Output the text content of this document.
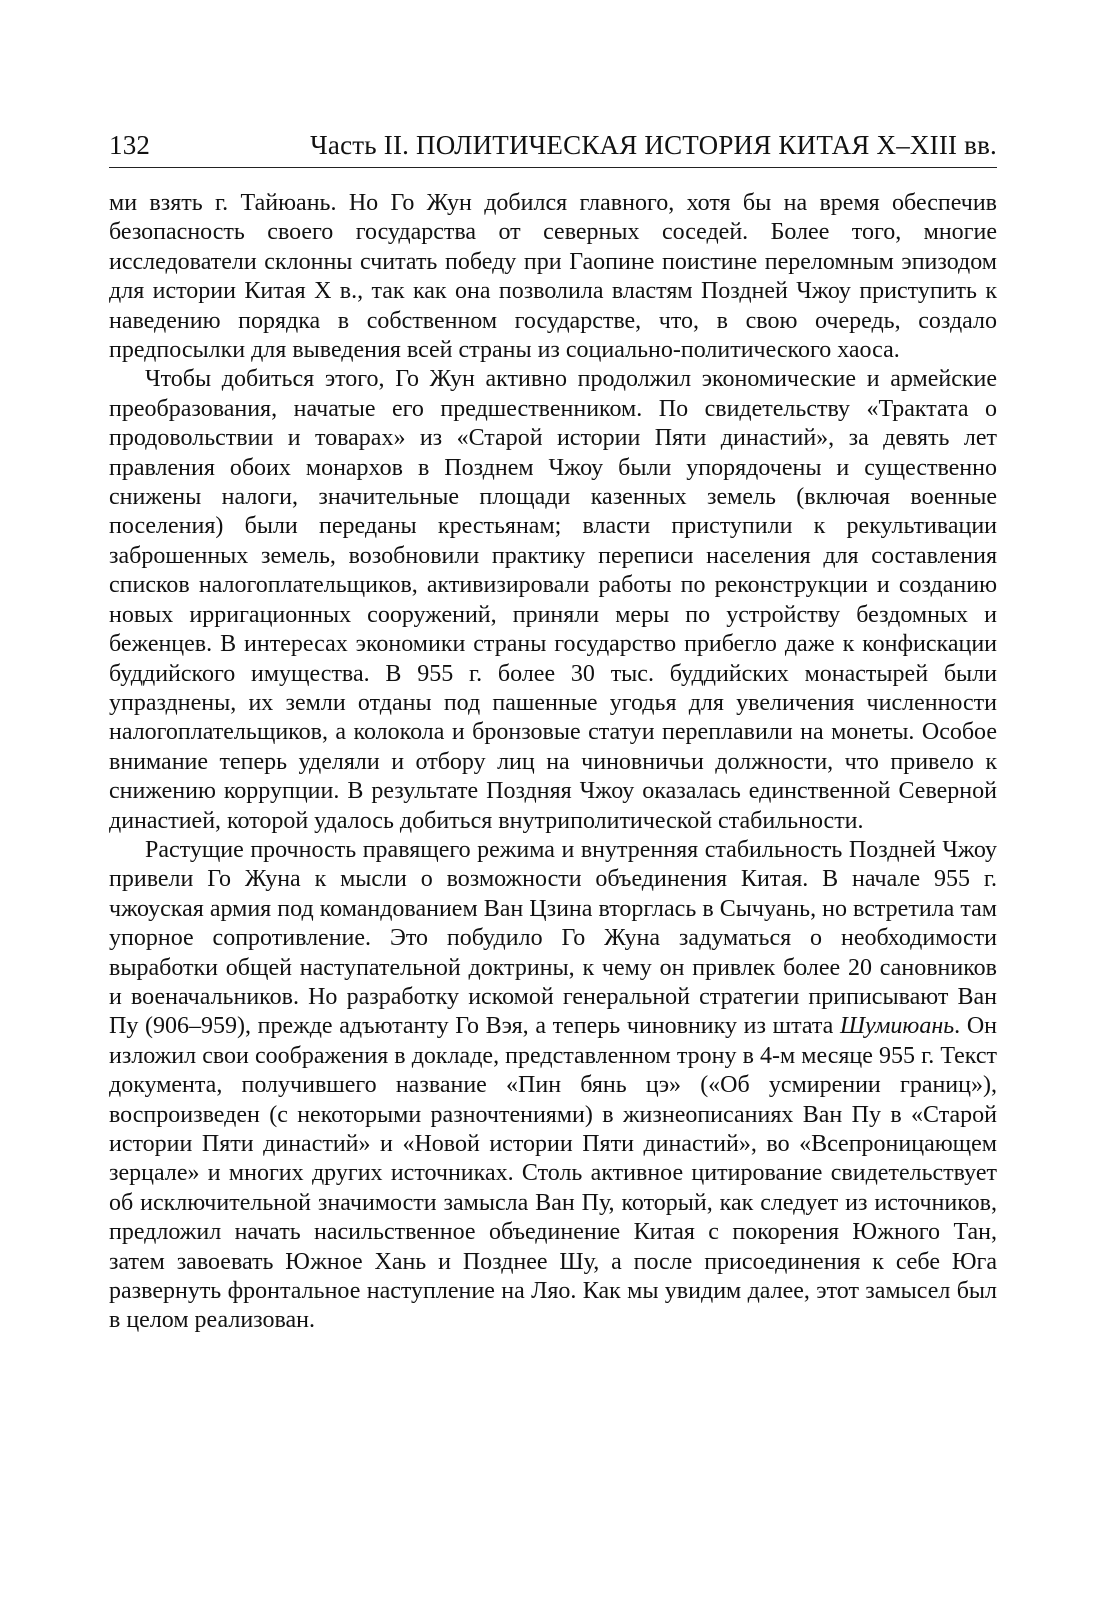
132	Часть II. ПОЛИТИЧЕСКАЯ ИСТОРИЯ КИТАЯ X–XIII вв.

ми взять г. Тайюань. Но Го Жун добился главного, хотя бы на время обеспечив безопасность своего государства от северных соседей. Более того, многие исследователи склонны считать победу при Гаопине поистине переломным эпизодом для истории Китая X в., так как она позволила властям Поздней Чжоу приступить к наведению порядка в собственном государстве, что, в свою очередь, создало предпосылки для выведения всей страны из социально-политического хаоса.

Чтобы добиться этого, Го Жун активно продолжил экономические и армейские преобразования, начатые его предшественником. По свидетельству «Трактата о продовольствии и товарах» из «Старой истории Пяти династий», за девять лет правления обоих монархов в Позднем Чжоу были упорядочены и существенно снижены налоги, значительные площади казенных земель (включая военные поселения) были переданы крестьянам; власти приступили к рекультивации заброшенных земель, возобновили практику переписи населения для составления списков налогоплательщиков, активизировали работы по реконструкции и созданию новых ирригационных сооружений, приняли меры по устройству бездомных и беженцев. В интересах экономики страны государство прибегло даже к конфискации буддийского имущества. В 955 г. более 30 тыс. буддийских монастырей были упразднены, их земли отданы под пашенные угодья для увеличения численности налогоплательщиков, а колокола и бронзовые статуи переплавили на монеты. Особое внимание теперь уделяли и отбору лиц на чиновничьи должности, что привело к снижению коррупции. В результате Поздняя Чжоу оказалась единственной Северной династией, которой удалось добиться внутриполитической стабильности.

Растущие прочность правящего режима и внутренняя стабильность Поздней Чжоу привели Го Жуна к мысли о возможности объединения Китая. В начале 955 г. чжоуская армия под командованием Ван Цзина вторглась в Сычуань, но встретила там упорное сопротивление. Это побудило Го Жуна задуматься о необходимости выработки общей наступательной доктрины, к чему он привлек более 20 сановников и военачальников. Но разработку искомой генеральной стратегии приписывают Ван Пу (906–959), прежде адъютанту Го Вэя, а теперь чиновнику из штата Шумиюань. Он изложил свои соображения в докладе, представленном трону в 4-м месяце 955 г. Текст документа, получившего название «Пин бянь цэ» («Об усмирении границ»), воспроизведен (с некоторыми разночтениями) в жизнеописаниях Ван Пу в «Старой истории Пяти династий» и «Новой истории Пяти династий», во «Всепроницающем зерцале» и многих других источниках. Столь активное цитирование свидетельствует об исключительной значимости замысла Ван Пу, который, как следует из источников, предложил начать насильственное объединение Китая с покорения Южного Тан, затем завоевать Южное Хань и Позднее Шу, а после присоединения к себе Юга развернуть фронтальное наступление на Ляо. Как мы увидим далее, этот замысел был в целом реализован.
